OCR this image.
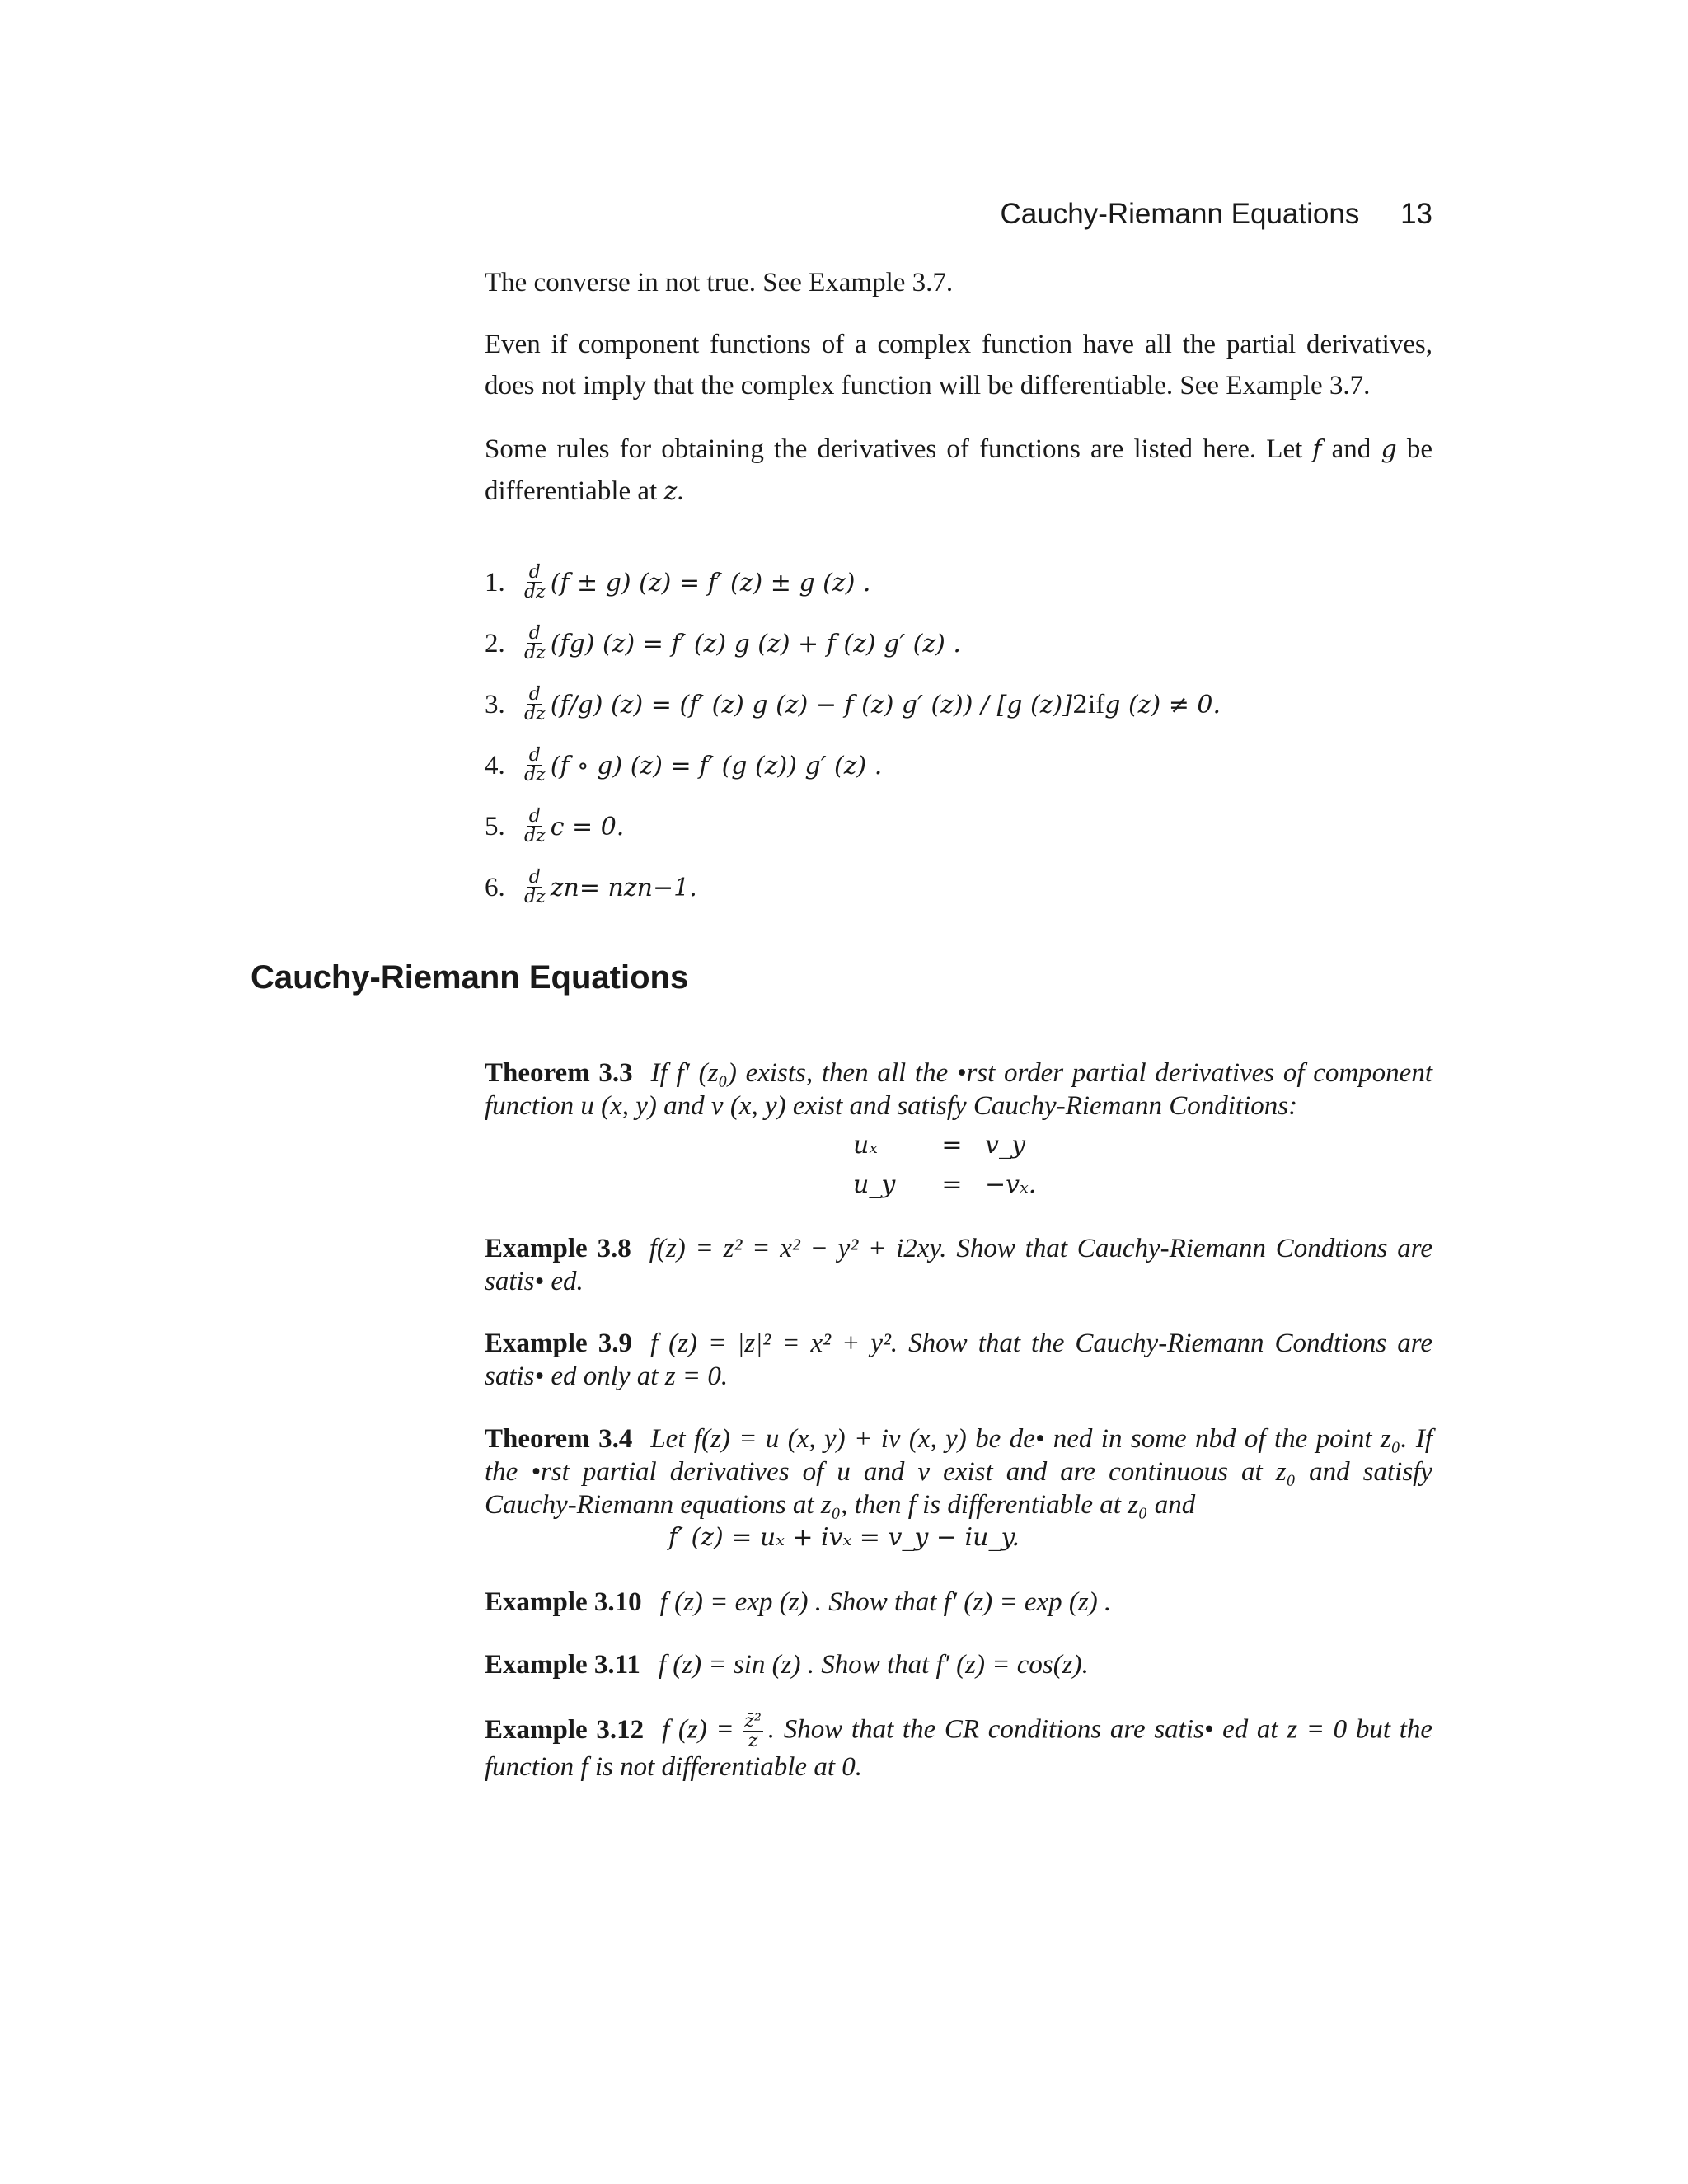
Cauchy-Riemann Equations 13
The converse in not true. See Example 3.7.
Even if component functions of a complex function have all the partial derivatives, does not imply that the complex function will be differentiable. See Example 3.7.
Some rules for obtaining the derivatives of functions are listed here. Let f and g be differentiable at z.
1.	$\frac{d}{dz} (f \pm g) (z) = f'$ (z) ± g (z) .
2.	$\frac{d}{dz} (fg) (z) = f'$ (z) g (z) + f (z) g′ (z) .
3.	$\frac{d}{dz} (f/g) (z) = (f'$ (z) g (z) − f (z) g′ (z)) / [g (z)] 2 if g (z) ≠ 0.
4.	$\frac{d}{dz} (f$ ∘ g) (z) = f′ (g (z)) g′ (z) .
5.	$\frac{d}{dz}$ c = 0.
6.	$\frac{d}{dz}$ z n = nz n−1 .
Cauchy-Riemann Equations
Theorem 3.3 If f′ (z₀) exists, then all the •rst order partial derivatives of component function u (x, y) and v (x, y) exist and satisfy Cauchy-Riemann Conditions:
uₓ	= v_y
u_y	= −vₓ.
Example 3.8 f(z) = z² = x² − y² + i2xy. Show that Cauchy-Riemann Condtions are satis• ed.
Example 3.9 f (z) = |z|² = x² + y². Show that the Cauchy-Riemann Condtions are satis• ed only at z = 0.
Theorem 3.4 Let f(z) = u (x, y) + iv (x, y) be de• ned in some nbd of the point z₀. If the •rst partial derivatives of u and v exist and are continuous at z₀ and satisfy Cauchy-Riemann equations at z₀, then f is differentiable at z₀ and
f′ (z) = uₓ + ivₓ = v_y − iu_y.
Example 3.10 f (z) = exp (z) . Show that f′ (z) = exp (z) .
Example 3.11 f (z) = sin (z) . Show that f′ (z) = cos(z).
Example 3.12 f $(z) = \frac{\text{z̄²}}{z}$ . Show that the CR conditions are satis• ed at z = 0 but the function f is not differentiable at 0.
